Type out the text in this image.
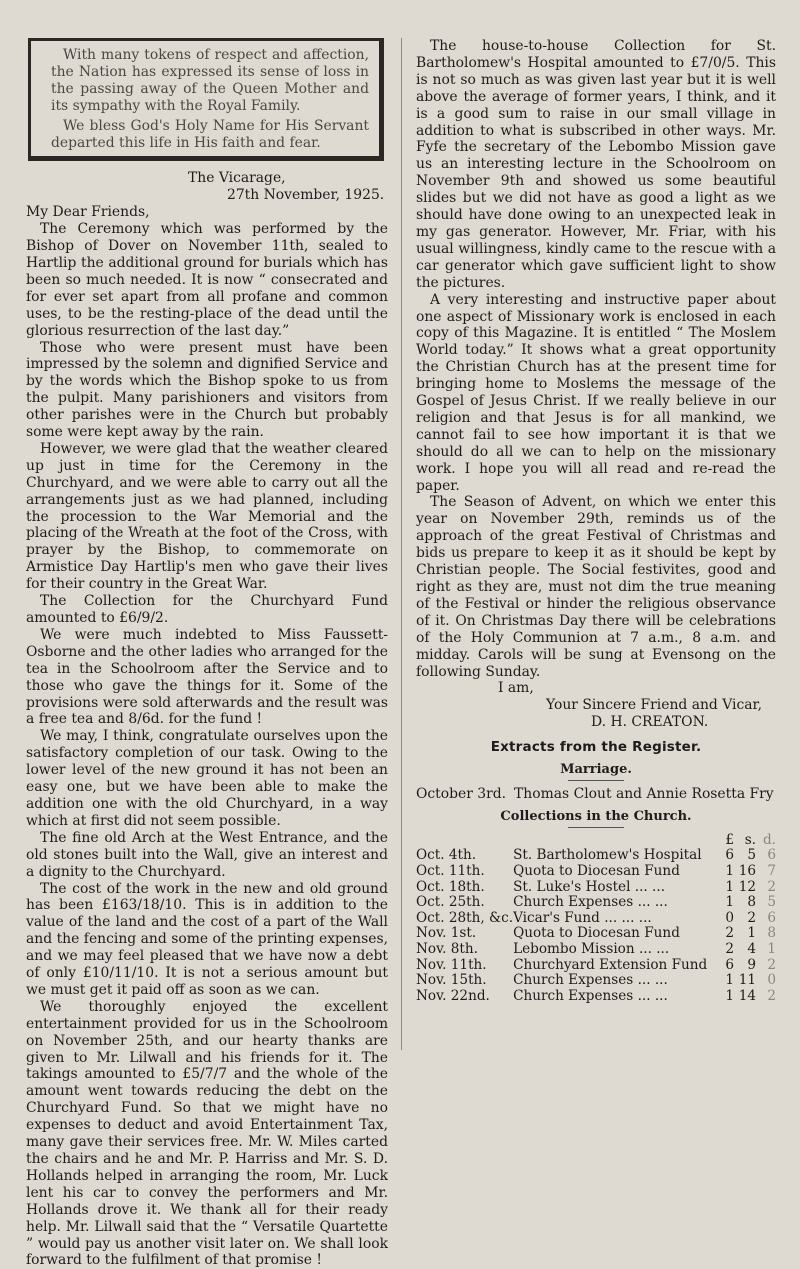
With many tokens of respect and affection, the Nation has expressed its sense of loss in the passing away of the Queen Mother and its sympathy with the Royal Family.

We bless God's Holy Name for His Servant departed this life in His faith and fear.

The Vicarage,
27th November, 1925.

My Dear Friends,

The Ceremony which was performed by the Bishop of Dover on November 11th, sealed to Hartlip the additional ground for burials which has been so much needed. It is now “ consecrated and for ever set apart from all profane and common uses, to be the resting-place of the dead until the glorious resurrection of the last day.”

Those who were present must have been impressed by the solemn and dignified Service and by the words which the Bishop spoke to us from the pulpit. Many parishioners and visitors from other parishes were in the Church but probably some were kept away by the rain.

However, we were glad that the weather cleared up just in time for the Ceremony in the Churchyard, and we were able to carry out all the arrangements just as we had planned, including the procession to the War Memorial and the placing of the Wreath at the foot of the Cross, with prayer by the Bishop, to commemorate on Armistice Day Hartlip's men who gave their lives for their country in the Great War.

The Collection for the Churchyard Fund amounted to £6/9/2.

We were much indebted to Miss Faussett-Osborne and the other ladies who arranged for the tea in the Schoolroom after the Service and to those who gave the things for it. Some of the provisions were sold afterwards and the result was a free tea and 8/6d. for the fund !

We may, I think, congratulate ourselves upon the satisfactory completion of our task. Owing to the lower level of the new ground it has not been an easy one, but we have been able to make the addition one with the old Churchyard, in a way which at first did not seem possible.

The fine old Arch at the West Entrance, and the old stones built into the Wall, give an interest and a dignity to the Churchyard.

The cost of the work in the new and old ground has been £163/18/10. This is in addition to the value of the land and the cost of a part of the Wall and the fencing and some of the printing expenses, and we may feel pleased that we have now a debt of only £10/11/10. It is not a serious amount but we must get it paid off as soon as we can.

We thoroughly enjoyed the excellent entertainment provided for us in the Schoolroom on November 25th, and our hearty thanks are given to Mr. Lilwall and his friends for it. The takings amounted to £5/7/7 and the whole of the amount went towards reducing the debt on the Churchyard Fund. So that we might have no expenses to deduct and avoid Entertainment Tax, many gave their services free. Mr. W. Miles carted the chairs and he and Mr. P. Harriss and Mr. S. D. Hollands helped in arranging the room, Mr. Luck lent his car to convey the performers and Mr. Hollands drove it. We thank all for their ready help. Mr. Lilwall said that the “ Versatile Quartette ” would pay us another visit later on. We shall look forward to the fulfilment of that promise !

The house-to-house Collection for St. Bartholomew's Hospital amounted to £7/0/5. This is not so much as was given last year but it is well above the average of former years, I think, and it is a good sum to raise in our small village in addition to what is subscribed in other ways. Mr. Fyfe the secretary of the Lebombo Mission gave us an interesting lecture in the Schoolroom on November 9th and showed us some beautiful slides but we did not have as good a light as we should have done owing to an unexpected leak in my gas generator. However, Mr. Friar, with his usual willingness, kindly came to the rescue with a car generator which gave sufficient light to show the pictures.

A very interesting and instructive paper about one aspect of Missionary work is enclosed in each copy of this Magazine. It is entitled “ The Moslem World today.” It shows what a great opportunity the Christian Church has at the present time for bringing home to Moslems the message of the Gospel of Jesus Christ. If we really believe in our religion and that Jesus is for all mankind, we cannot fail to see how important it is that we should do all we can to help on the missionary work. I hope you will all read and re-read the paper.

The Season of Advent, on which we enter this year on November 29th, reminds us of the approach of the great Festival of Christmas and bids us prepare to keep it as it should be kept by Christian people. The Social festivites, good and right as they are, must not dim the true meaning of the Festival or hinder the religious observance of it. On Christmas Day there will be celebrations of the Holy Communion at 7 a.m., 8 a.m. and midday. Carols will be sung at Evensong on the following Sunday.

I am,

Your Sincere Friend and Vicar,

D. H. CREATON.

Extracts from the Register.
Marriage.
October 3rd. Thomas Clout and Annie Rosetta Fry
Collections in the Church.
		£	s.	d.
Oct. 4th.	St. Bartholomew's Hospital	6	5	6
Oct. 11th.	Quota to Diocesan Fund	1	16	7
Oct. 18th.	St. Luke's Hostel ... ...	1	12	2
Oct. 25th.	Church Expenses ... ...	1	8	5
Oct. 28th, &c.	Vicar's Fund ... ... ...	0	2	6
Nov. 1st.	Quota to Diocesan Fund	2	1	8
Nov. 8th.	Lebombo Mission ... ...	2	4	1
Nov. 11th.	Churchyard Extension Fund	6	9	2
Nov. 15th.	Church Expenses ... ...	1	11	0
Nov. 22nd.	Church Expenses ... ...	1	14	2
